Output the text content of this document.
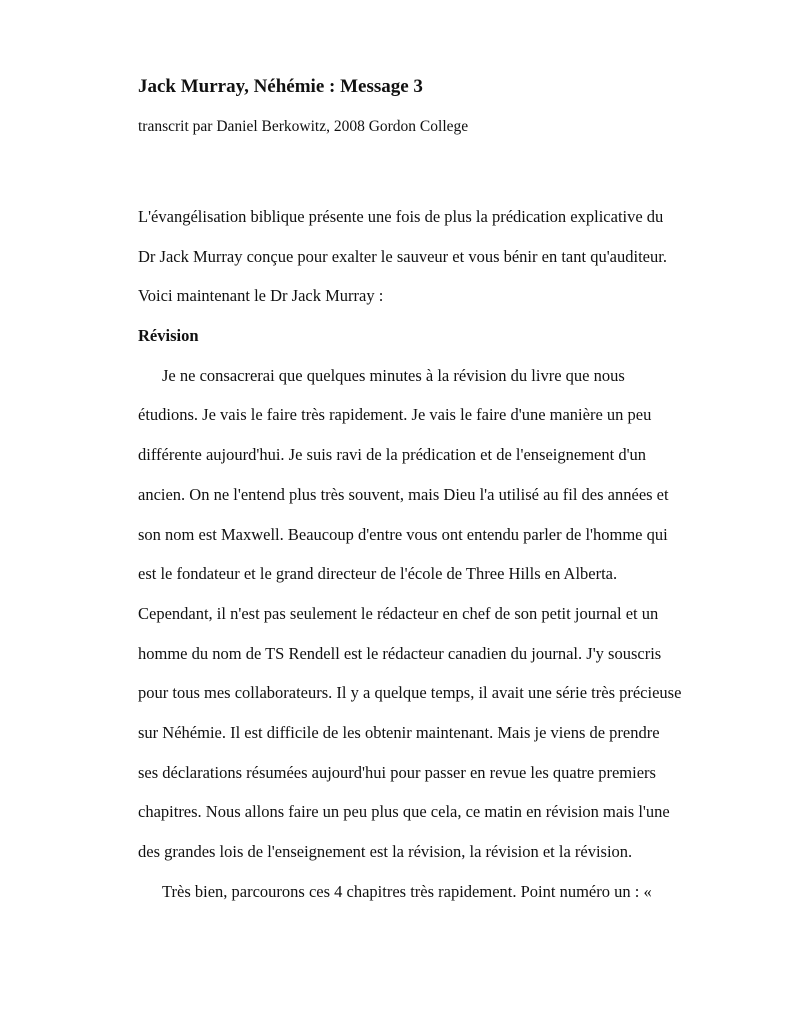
Jack Murray, Néhémie : Message 3

transcrit par Daniel Berkowitz, 2008 Gordon College

L'évangélisation biblique présente une fois de plus la prédication explicative du
Dr Jack Murray conçue pour exalter le sauveur et vous bénir en tant qu'auditeur.
Voici maintenant le Dr Jack Murray :
Révision
Je ne consacrerai que quelques minutes à la révision du livre que nous
étudions. Je vais le faire très rapidement. Je vais le faire d'une manière un peu
différente aujourd'hui. Je suis ravi de la prédication et de l'enseignement d'un
ancien. On ne l'entend plus très souvent, mais Dieu l'a utilisé au fil des années et
son nom est Maxwell. Beaucoup d'entre vous ont entendu parler de l'homme qui
est le fondateur et le grand directeur de l'école de Three Hills en Alberta.
Cependant, il n'est pas seulement le rédacteur en chef de son petit journal et un
homme du nom de TS Rendell est le rédacteur canadien du journal. J'y souscris
pour tous mes collaborateurs. Il y a quelque temps, il avait une série très précieuse
sur Néhémie. Il est difficile de les obtenir maintenant. Mais je viens de prendre
ses déclarations résumées aujourd'hui pour passer en revue les quatre premiers
chapitres. Nous allons faire un peu plus que cela, ce matin en révision mais l'une
des grandes lois de l'enseignement est la révision, la révision et la révision.
Très bien, parcourons ces 4 chapitres très rapidement. Point numéro un : «
